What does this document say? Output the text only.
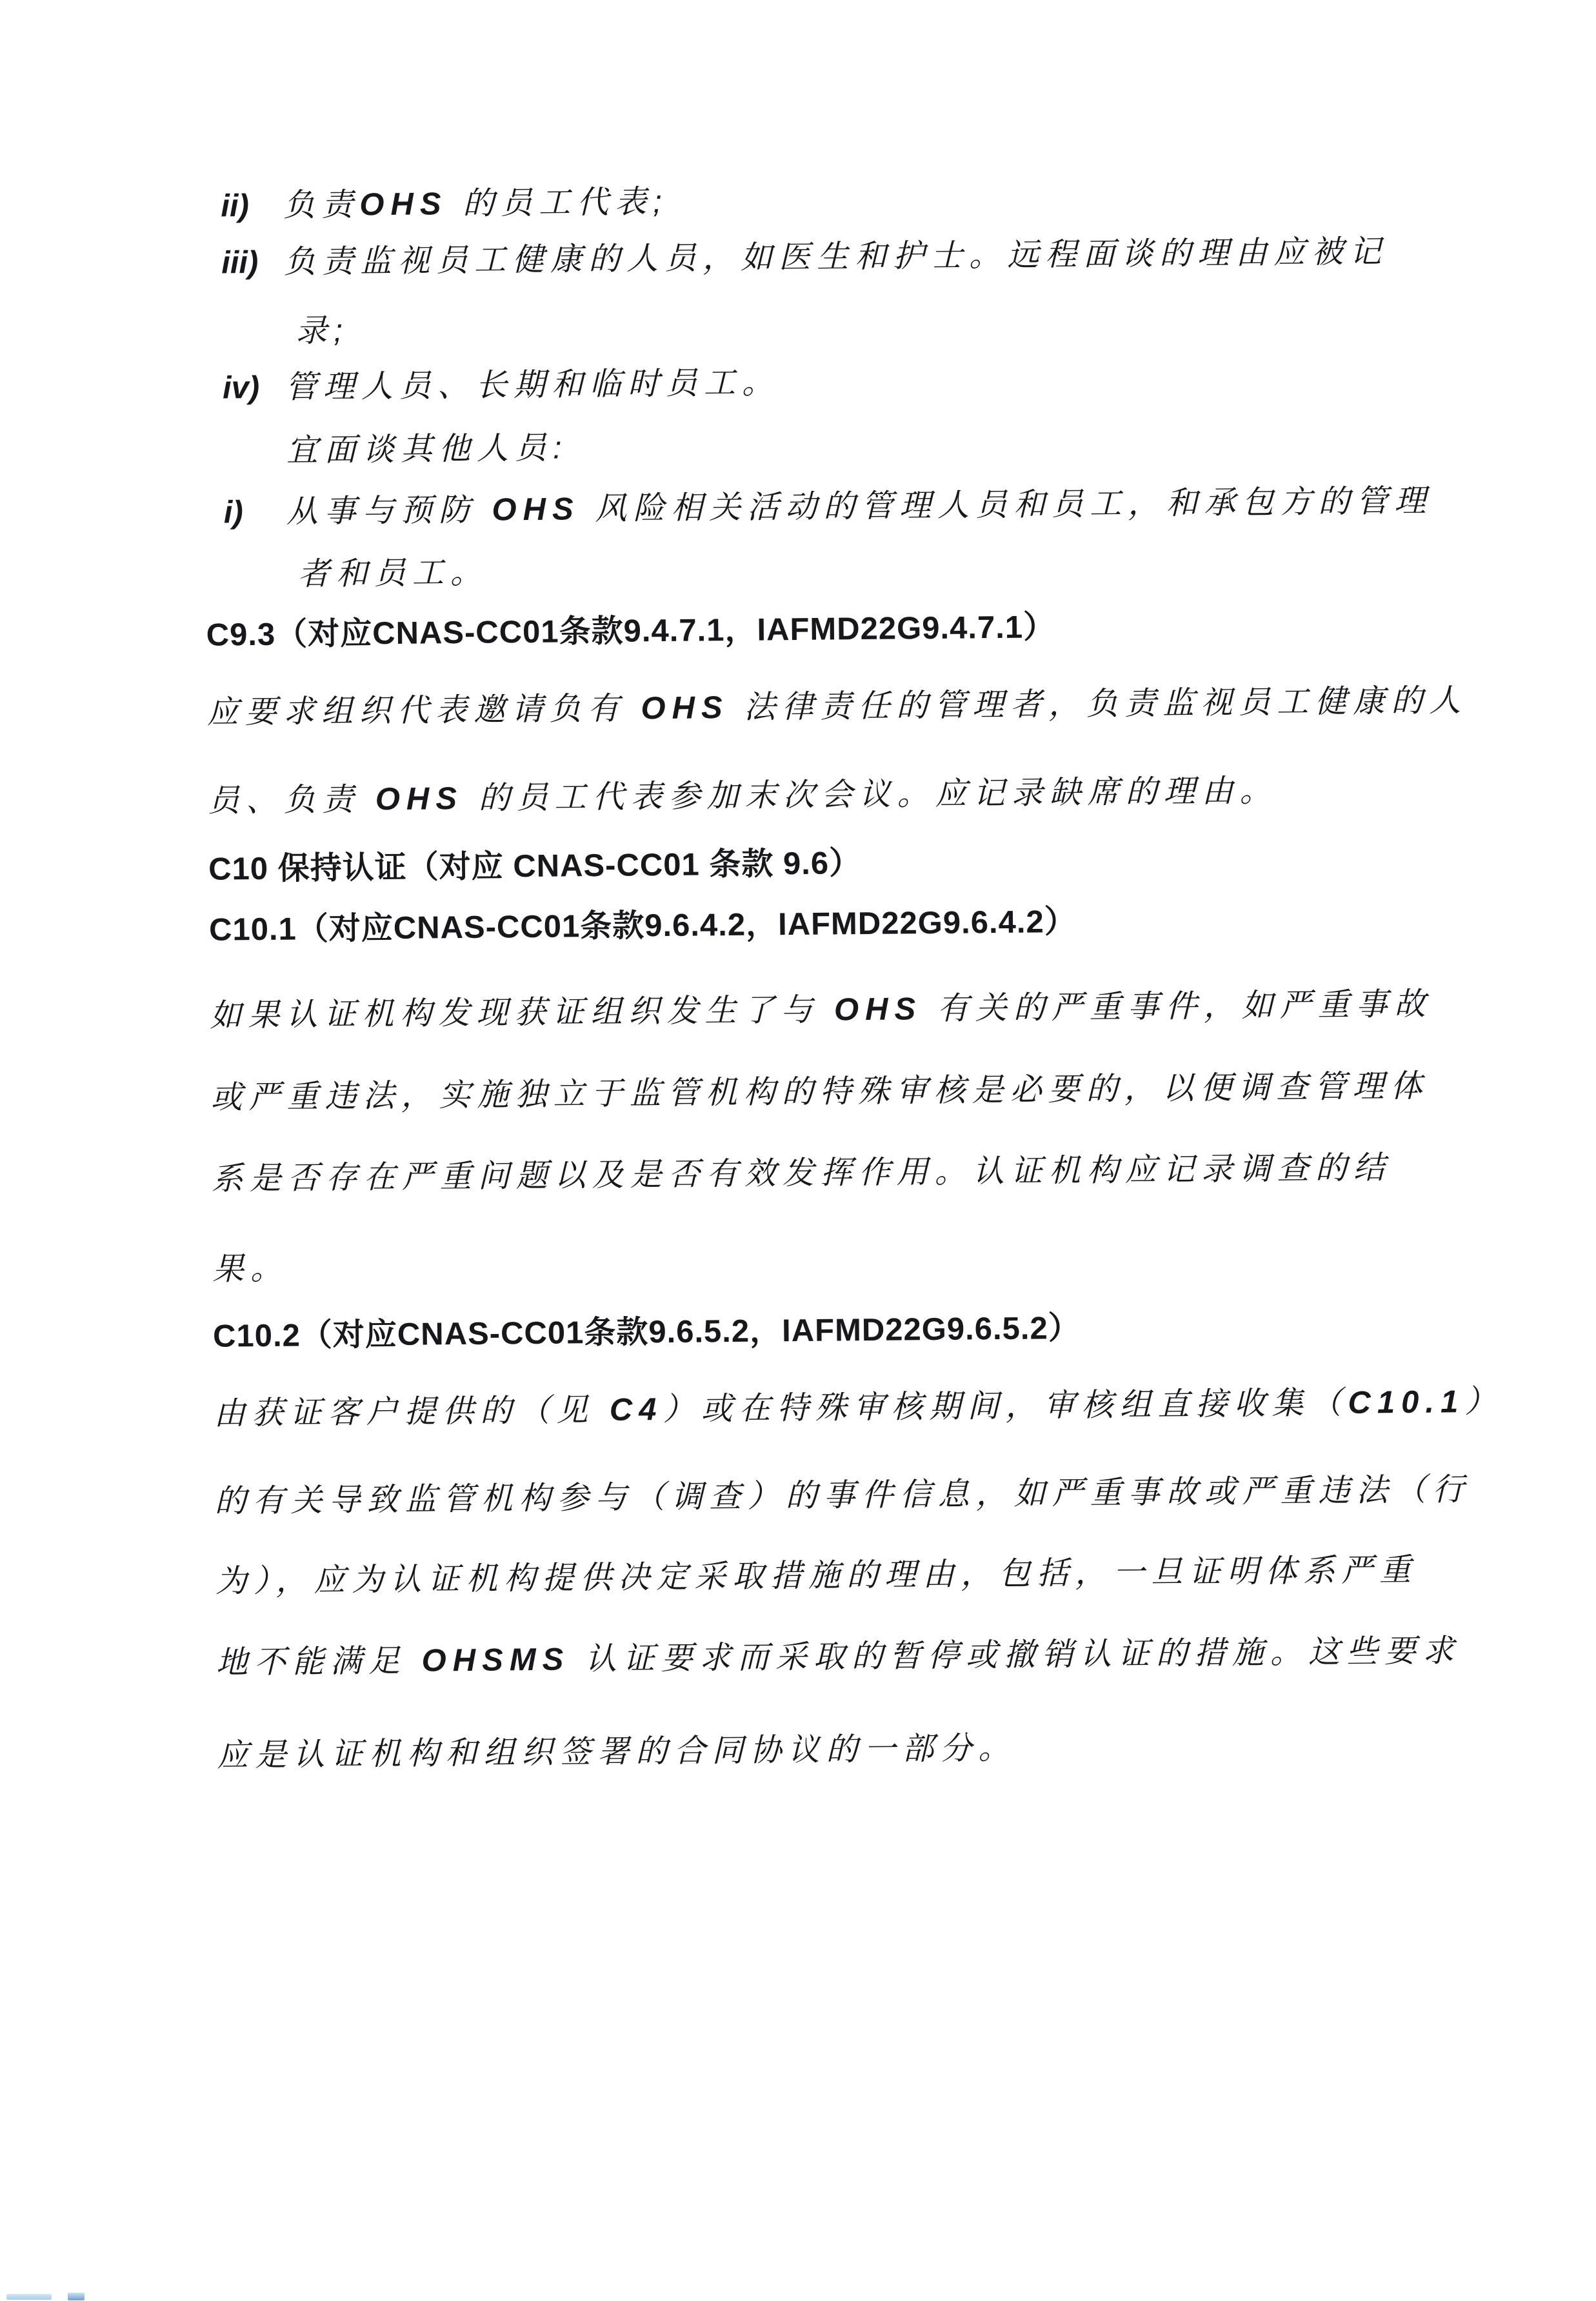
ii) 负责OHS 的员工代表;
iii) 负责监视员工健康的人员，如医生和护士。远程面谈的理由应被记
录;
iv) 管理人员、长期和临时员工。
宜面谈其他人员:
i) 从事与预防 OHS 风险相关活动的管理人员和员工，和承包方的管理
者和员工。
C9.3（对应CNAS-CC01条款9.4.7.1，IAFMD22G9.4.7.1）
应要求组织代表邀请负有 OHS 法律责任的管理者，负责监视员工健康的人
员、负责 OHS 的员工代表参加末次会议。应记录缺席的理由。
C10 保持认证（对应 CNAS-CC01 条款 9.6）
C10.1（对应CNAS-CC01条款9.6.4.2，IAFMD22G9.6.4.2）
如果认证机构发现获证组织发生了与 OHS 有关的严重事件，如严重事故
或严重违法，实施独立于监管机构的特殊审核是必要的，以便调查管理体
系是否存在严重问题以及是否有效发挥作用。认证机构应记录调查的结
果。
C10.2（对应CNAS-CC01条款9.6.5.2，IAFMD22G9.6.5.2）
由获证客户提供的（见 C4）或在特殊审核期间，审核组直接收集（C10.1）
的有关导致监管机构参与（调查）的事件信息，如严重事故或严重违法（行
为），应为认证机构提供决定采取措施的理由，包括，一旦证明体系严重
地不能满足 OHSMS 认证要求而采取的暂停或撤销认证的措施。这些要求
应是认证机构和组织签署的合同协议的一部分。
